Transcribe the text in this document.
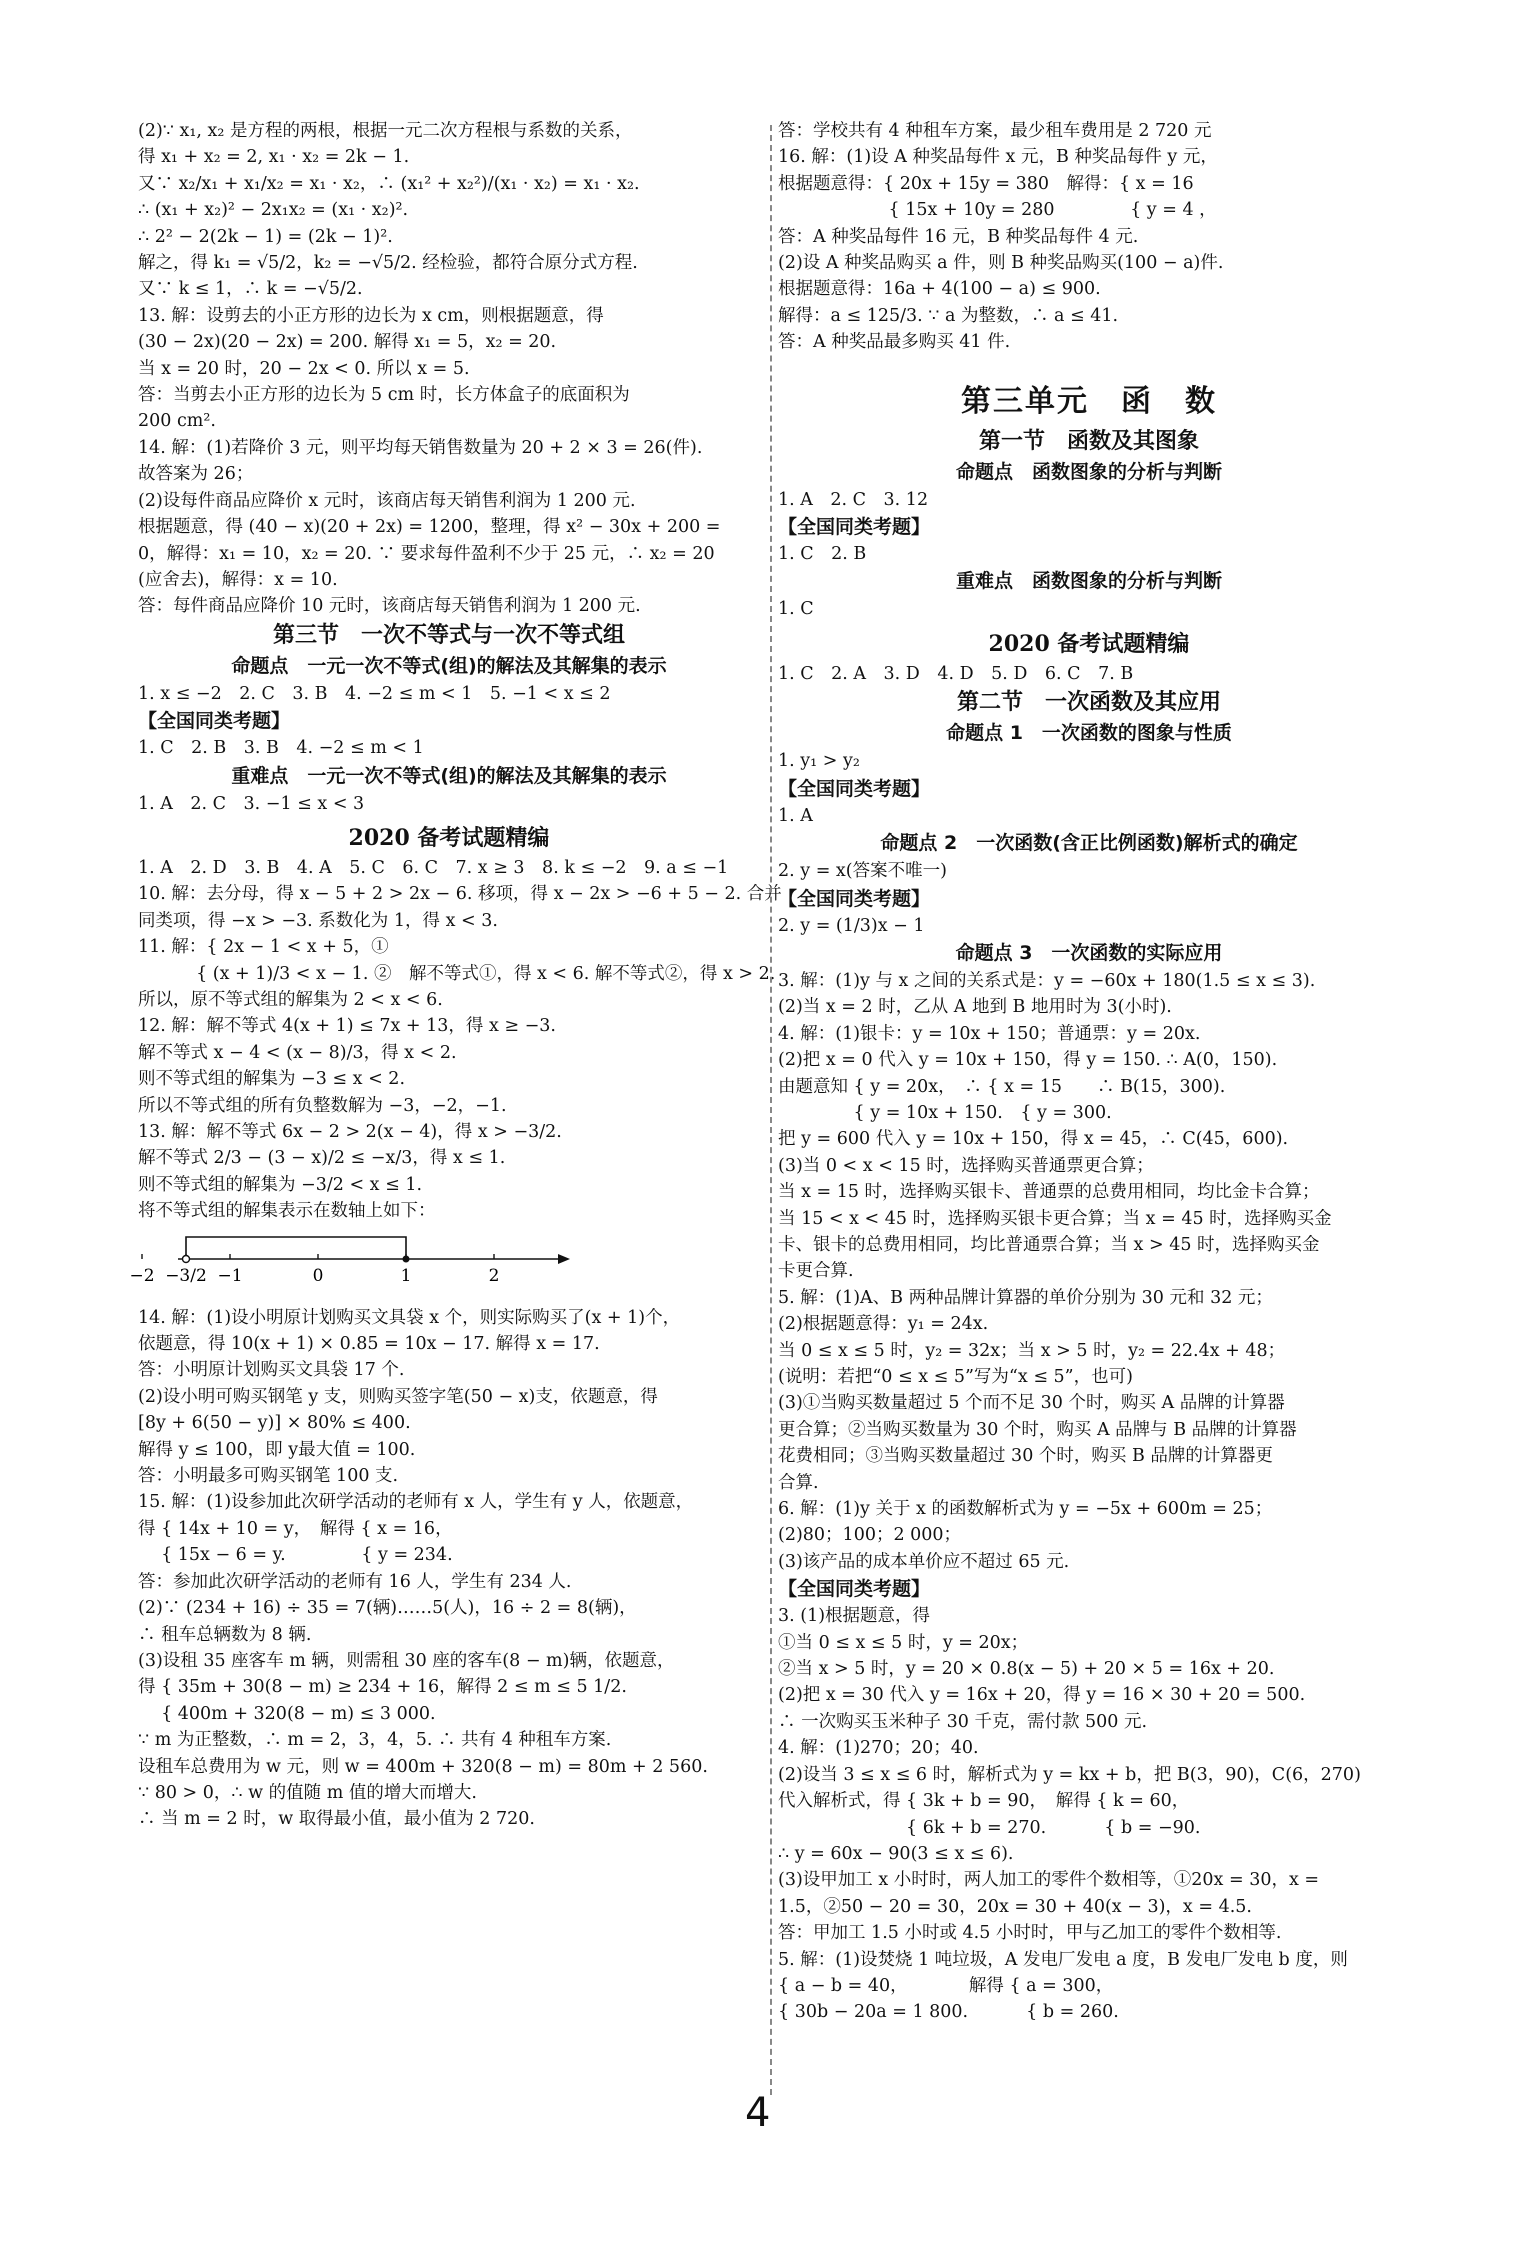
(2)∵ x₁, x₂ 是方程的两根，根据一元二次方程根与系数的关系，
得 x₁ + x₂ = 2, x₁ · x₂ = 2k − 1.
又∵ x₂/x₁ + x₁/x₂ = x₁ · x₂，∴ (x₁² + x₂²)/(x₁ · x₂) = x₁ · x₂.
∴ (x₁ + x₂)² − 2x₁x₂ = (x₁ · x₂)².
∴ 2² − 2(2k − 1) = (2k − 1)².
解之，得 k₁ = √5/2，k₂ = −√5/2. 经检验，都符合原分式方程.
又∵ k ≤ 1，∴ k = −√5/2.
13. 解：设剪去的小正方形的边长为 x cm，则根据题意，得
(30 − 2x)(20 − 2x) = 200. 解得 x₁ = 5，x₂ = 20.
当 x = 20 时，20 − 2x < 0. 所以 x = 5.
答：当剪去小正方形的边长为 5 cm 时，长方体盒子的底面积为
200 cm².
14. 解：(1)若降价 3 元，则平均每天销售数量为 20 + 2 × 3 = 26(件).
故答案为 26；
(2)设每件商品应降价 x 元时，该商店每天销售利润为 1 200 元.
根据题意，得 (40 − x)(20 + 2x) = 1200，整理，得 x² − 30x + 200 =
0，解得：x₁ = 10，x₂ = 20. ∵ 要求每件盈利不少于 25 元，∴ x₂ = 20
(应舍去)，解得：x = 10.
答：每件商品应降价 10 元时，该商店每天销售利润为 1 200 元.
第三节　一次不等式与一次不等式组
命题点　一元一次不等式(组)的解法及其解集的表示
1. x ≤ −2　2. C　3. B　4. −2 ≤ m < 1　5. −1 < x ≤ 2
【全国同类考题】
1. C　2. B　3. B　4. −2 ≤ m < 1
重难点　一元一次不等式(组)的解法及其解集的表示
1. A　2. C　3. −1 ≤ x < 3
2020 备考试题精编
1. A　2. D　3. B　4. A　5. C　6. C　7. x ≥ 3　8. k ≤ −2　9. a ≤ −1
10. 解：去分母，得 x − 5 + 2 > 2x − 6. 移项，得 x − 2x > −6 + 5 − 2. 合并
同类项，得 −x > −3. 系数化为 1，得 x < 3.
11. 解：{ 2x − 1 < x + 5，①
　　　 { (x + 1)/3 < x − 1. ②　解不等式①，得 x < 6. 解不等式②，得 x > 2.
所以，原不等式组的解集为 2 < x < 6.
12. 解：解不等式 4(x + 1) ≤ 7x + 13，得 x ≥ −3.
解不等式 x − 4 < (x − 8)/3，得 x < 2.
则不等式组的解集为 −3 ≤ x < 2.
所以不等式组的所有负整数解为 −3，−2，−1.
13. 解：解不等式 6x − 2 > 2(x − 4)，得 x > −3/2.
解不等式 2/3 − (3 − x)/2 ≤ −x/3，得 x ≤ 1.
则不等式组的解集为 −3/2 < x ≤ 1.
将不等式组的解集表示在数轴上如下：
−2 −3/2 −1	0	1	2
14. 解：(1)设小明原计划购买文具袋 x 个，则实际购买了(x + 1)个，
依题意，得 10(x + 1) × 0.85 = 10x − 17. 解得 x = 17.
答：小明原计划购买文具袋 17 个.
(2)设小明可购买钢笔 y 支，则购买签字笔(50 − x)支，依题意，得
[8y + 6(50 − y)] × 80% ≤ 400.
解得 y ≤ 100，即 y最大值 = 100.
答：小明最多可购买钢笔 100 支.
15. 解：(1)设参加此次研学活动的老师有 x 人，学生有 y 人，依题意，
得 { 14x + 10 = y，　解得 { x = 16，
　 { 15x − 6 = y.　　　　 { y = 234.
答：参加此次研学活动的老师有 16 人，学生有 234 人.
(2)∵ (234 + 16) ÷ 35 = 7(辆)……5(人)，16 ÷ 2 = 8(辆)，
∴ 租车总辆数为 8 辆.
(3)设租 35 座客车 m 辆，则需租 30 座的客车(8 − m)辆，依题意，
得 { 35m + 30(8 − m) ≥ 234 + 16，解得 2 ≤ m ≤ 5 1/2.
　 { 400m + 320(8 − m) ≤ 3 000.
∵ m 为正整数，∴ m = 2，3，4，5. ∴ 共有 4 种租车方案.
设租车总费用为 w 元，则 w = 400m + 320(8 − m) = 80m + 2 560.
∵ 80 > 0，∴ w 的值随 m 值的增大而增大.
∴ 当 m = 2 时，w 取得最小值，最小值为 2 720.
答：学校共有 4 种租车方案，最少租车费用是 2 720 元
16. 解：(1)设 A 种奖品每件 x 元，B 种奖品每件 y 元，
根据题意得：{ 20x + 15y = 380　解得：{ x = 16
　　　　　　 { 15x + 10y = 280　　　　 { y = 4 ，
答：A 种奖品每件 16 元，B 种奖品每件 4 元.
(2)设 A 种奖品购买 a 件，则 B 种奖品购买(100 − a)件.
根据题意得：16a + 4(100 − a) ≤ 900.
解得：a ≤ 125/3. ∵ a 为整数，∴ a ≤ 41.
答：A 种奖品最多购买 41 件.
第三单元　函　数
第一节　函数及其图象
命题点　函数图象的分析与判断
1. A　2. C　3. 12
【全国同类考题】
1. C　2. B
重难点　函数图象的分析与判断
1. C
2020 备考试题精编
1. C　2. A　3. D　4. D　5. D　6. C　7. B
第二节　一次函数及其应用
命题点 1　一次函数的图象与性质
1. y₁ > y₂
【全国同类考题】
1. A
命题点 2　一次函数(含正比例函数)解析式的确定
2. y = x(答案不唯一)
【全国同类考题】
2. y = (1/3)x − 1
命题点 3　一次函数的实际应用
3. 解：(1)y 与 x 之间的关系式是：y = −60x + 180(1.5 ≤ x ≤ 3).
(2)当 x = 2 时，乙从 A 地到 B 地用时为 3(小时).
4. 解：(1)银卡：y = 10x + 150；普通票：y = 20x.
(2)把 x = 0 代入 y = 10x + 150，得 y = 150. ∴ A(0，150).
由题意知 { y = 20x，　∴ { x = 15　　∴ B(15，300).
　　　　 { y = 10x + 150.　{ y = 300.
把 y = 600 代入 y = 10x + 150，得 x = 45，∴ C(45，600).
(3)当 0 < x < 15 时，选择购买普通票更合算；
当 x = 15 时，选择购买银卡、普通票的总费用相同，均比金卡合算；
当 15 < x < 45 时，选择购买银卡更合算；当 x = 45 时，选择购买金
卡、银卡的总费用相同，均比普通票合算；当 x > 45 时，选择购买金
卡更合算.
5. 解：(1)A、B 两种品牌计算器的单价分别为 30 元和 32 元；
(2)根据题意得：y₁ = 24x.
当 0 ≤ x ≤ 5 时，y₂ = 32x；当 x > 5 时，y₂ = 22.4x + 48；
(说明：若把“0 ≤ x ≤ 5”写为“x ≤ 5”，也可)
(3)①当购买数量超过 5 个而不足 30 个时，购买 A 品牌的计算器
更合算；②当购买数量为 30 个时，购买 A 品牌与 B 品牌的计算器
花费相同；③当购买数量超过 30 个时，购买 B 品牌的计算器更
合算.
6. 解：(1)y 关于 x 的函数解析式为 y = −5x + 600m = 25；
(2)80；100；2 000；
(3)该产品的成本单价应不超过 65 元.
【全国同类考题】
3. (1)根据题意，得
①当 0 ≤ x ≤ 5 时，y = 20x；
②当 x > 5 时，y = 20 × 0.8(x − 5) + 20 × 5 = 16x + 20.
(2)把 x = 30 代入 y = 16x + 20，得 y = 16 × 30 + 20 = 500.
∴ 一次购买玉米种子 30 千克，需付款 500 元.
4. 解：(1)270；20；40.
(2)设当 3 ≤ x ≤ 6 时，解析式为 y = kx + b，把 B(3，90)，C(6，270)
代入解析式，得 { 3k + b = 90，　解得 { k = 60，
　　　　　　　 { 6k + b = 270.　　　 { b = −90.
∴ y = 60x − 90(3 ≤ x ≤ 6).
(3)设甲加工 x 小时时，两人加工的零件个数相等，①20x = 30，x =
1.5，②50 − 20 = 30，20x = 30 + 40(x − 3)，x = 4.5.
答：甲加工 1.5 小时或 4.5 小时时，甲与乙加工的零件个数相等.
5. 解：(1)设焚烧 1 吨垃圾，A 发电厂发电 a 度，B 发电厂发电 b 度，则
{ a − b = 40，　　　　解得 { a = 300，
{ 30b − 20a = 1 800.　　　 { b = 260.
4
